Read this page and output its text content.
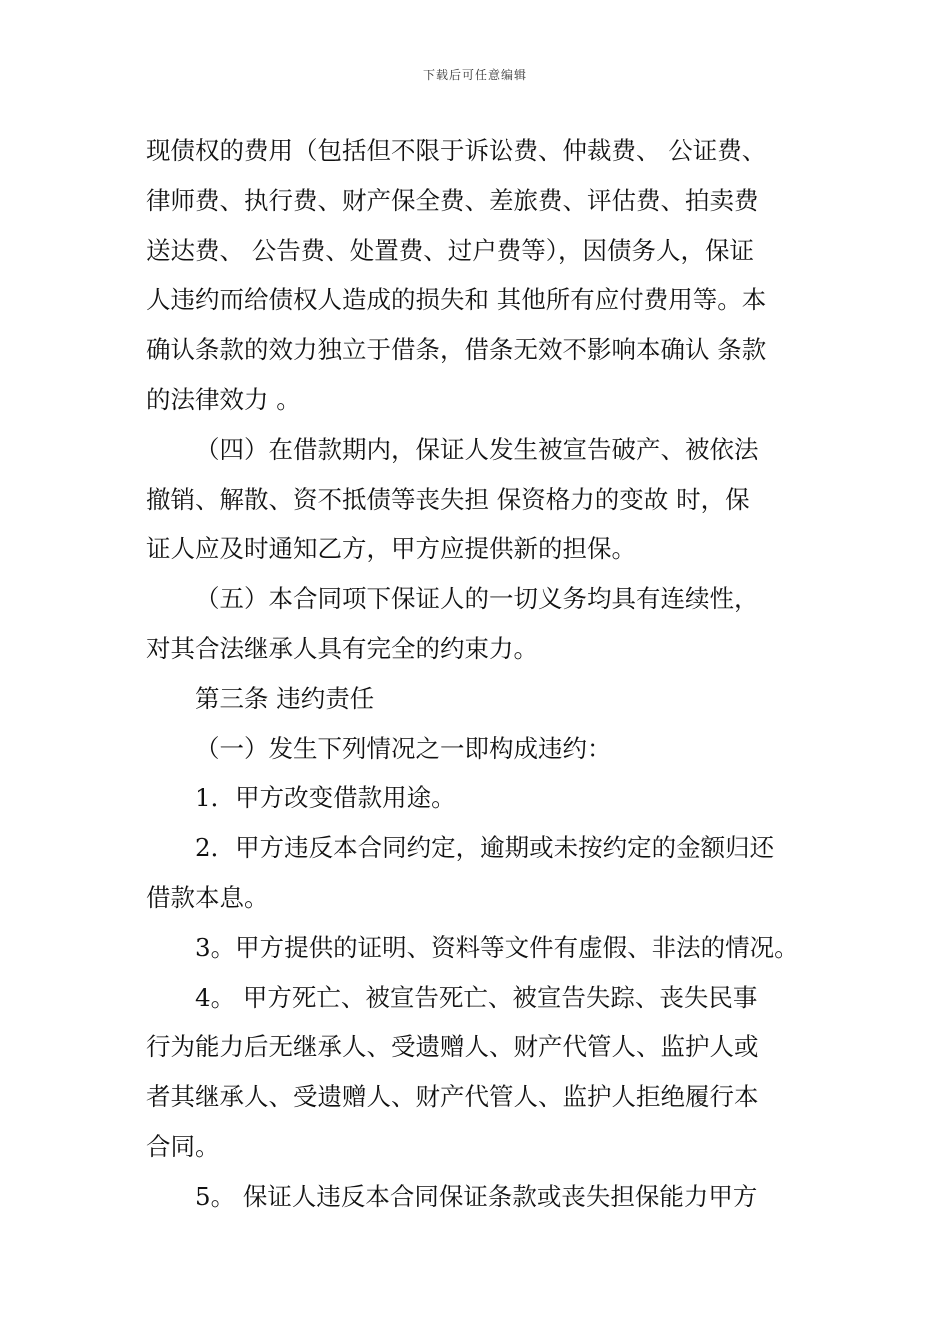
下载后可任意编辑
现债权的费用（包括但不限于诉讼费、仲裁费、 公证费、
律师费、执行费、财产保全费、差旅费、评估费、拍卖费
送达费、 公告费、处置费、过户费等），因债务人，保证
人违约而给债权人造成的损失和 其他所有应付费用等。本
确认条款的效力独立于借条，借条无效不影响本确认 条款
的法律效力 。
（四）在借款期内，保证人发生被宣告破产、被依法
撤销、解散、资不抵债等丧失担 保资格力的变故 时，保
证人应及时通知乙方，甲方应提供新的担保。
（五）本合同项下保证人的一切义务均具有连续性，
对其合法继承人具有完全的约束力。
第三条 违约责任
（一）发生下列情况之一即构成违约：
1．甲方改变借款用途。
2．甲方违反本合同约定，逾期或未按约定的金额归还
借款本息。
3。甲方提供的证明、资料等文件有虚假、非法的情况。
4。 甲方死亡、被宣告死亡、被宣告失踪、丧失民事
行为能力后无继承人、受遗赠人、财产代管人、监护人或
者其继承人、受遗赠人、财产代管人、监护人拒绝履行本
合同。
5。 保证人违反本合同保证条款或丧失担保能力甲方
